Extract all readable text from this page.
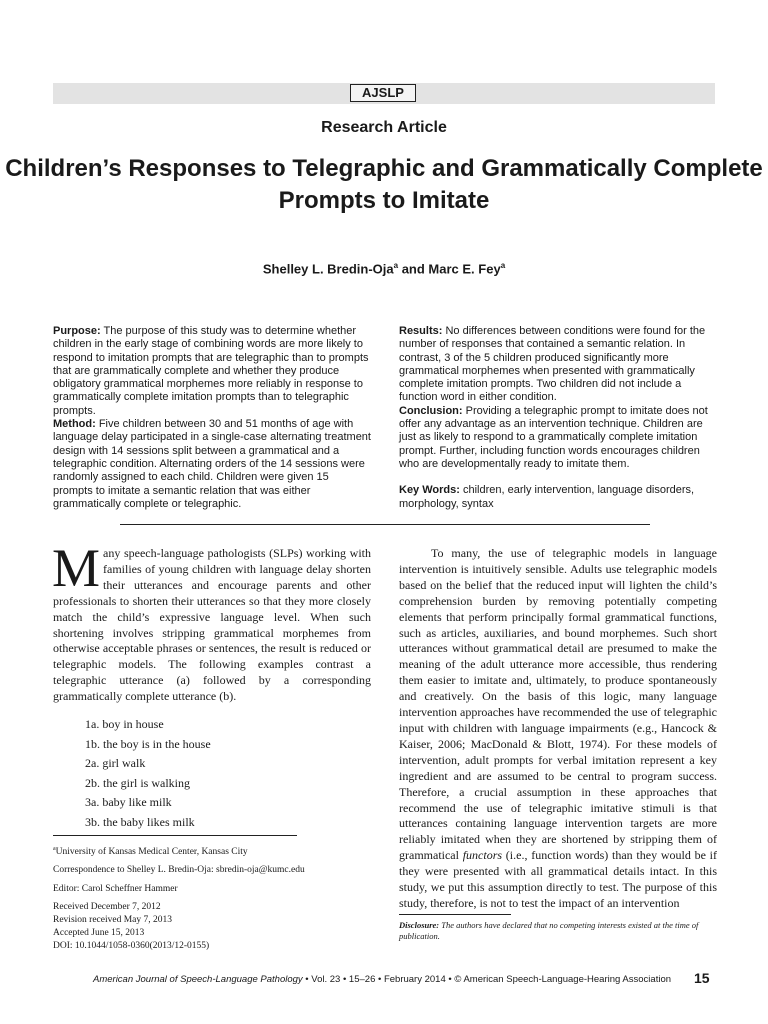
AJSLP
Research Article
Children’s Responses to Telegraphic and Grammatically Complete Prompts to Imitate
Shelley L. Bredin-Oja$^a$ and Marc E. Fey$^a$

Purpose: The purpose of this study was to determine whether children in the early stage of combining words are more likely to respond to imitation prompts that are telegraphic than to prompts that are grammatically complete and whether they produce obligatory grammatical morphemes more reliably in response to grammatically complete imitation prompts than to telegraphic prompts.

Method: Five children between 30 and 51 months of age with language delay participated in a single-case alternating treatment design with 14 sessions split between a grammatical and a telegraphic condition. Alternating orders of the 14 sessions were randomly assigned to each child. Children were given 15 prompts to imitate a semantic relation that was either grammatically complete or telegraphic.

Results: No differences between conditions were found for the number of responses that contained a semantic relation. In contrast, 3 of the 5 children produced significantly more grammatical morphemes when presented with grammatically complete imitation prompts. Two children did not include a function word in either condition.

Conclusion: Providing a telegraphic prompt to imitate does not offer any advantage as an intervention technique. Children are just as likely to respond to a grammatically complete imitation prompt. Further, including function words encourages children who are developmentally ready to imitate them.

Key Words: children, early intervention, language disorders, morphology, syntax

Many speech-language pathologists (SLPs) working with families of young children with language delay shorten their utterances and encourage parents and other professionals to shorten their utterances so that they more closely match the child’s expressive language level. When such shortening involves stripping grammatical morphemes from otherwise acceptable phrases or sentences, the result is reduced or telegraphic models. The following examples contrast a telegraphic utterance (a) followed by a corresponding grammatically complete utterance (b).

1a. boy in house
1b. the boy is in the house
2a. girl walk
2b. the girl is walking
3a. baby like milk
3b. the baby likes milk
$^a$University of Kansas Medical Center, Kansas City
Correspondence to Shelley L. Bredin-Oja: sbredin-oja@kumc.edu
Editor: Carol Scheffner Hammer
Received December 7, 2012
Revision received May 7, 2013
Accepted June 15, 2013
DOI: 10.1044/1058-0360(2013/12-0155)

To many, the use of telegraphic models in language intervention is intuitively sensible. Adults use telegraphic models based on the belief that the reduced input will lighten the child’s comprehension burden by removing potentially competing elements that perform principally formal grammatical functions, such as articles, auxiliaries, and bound morphemes. Such short utterances without grammatical detail are presumed to make the meaning of the adult utterance more accessible, thus rendering them easier to imitate and, ultimately, to produce spontaneously and creatively. On the basis of this logic, many language intervention approaches have recommended the use of telegraphic input with children with language impairments (e.g., Hancock & Kaiser, 2006; MacDonald & Blott, 1974). For these models of intervention, adult prompts for verbal imitation represent a key ingredient and are assumed to be central to program success. Therefore, a crucial assumption in these approaches that recommend the use of telegraphic imitative stimuli is that utterances containing language intervention targets are more reliably imitated when they are shortened by stripping them of grammatical functors (i.e., function words) than they would be if they were presented with all grammatical details intact. In this study, we put this assumption directly to test. The purpose of this study, therefore, is not to test the impact of an intervention

Disclosure: The authors have declared that no competing interests existed at the time of publication.
American Journal of Speech-Language Pathology • Vol. 23 • 15–26 • February 2014 • © American Speech-Language-Hearing Association 15
